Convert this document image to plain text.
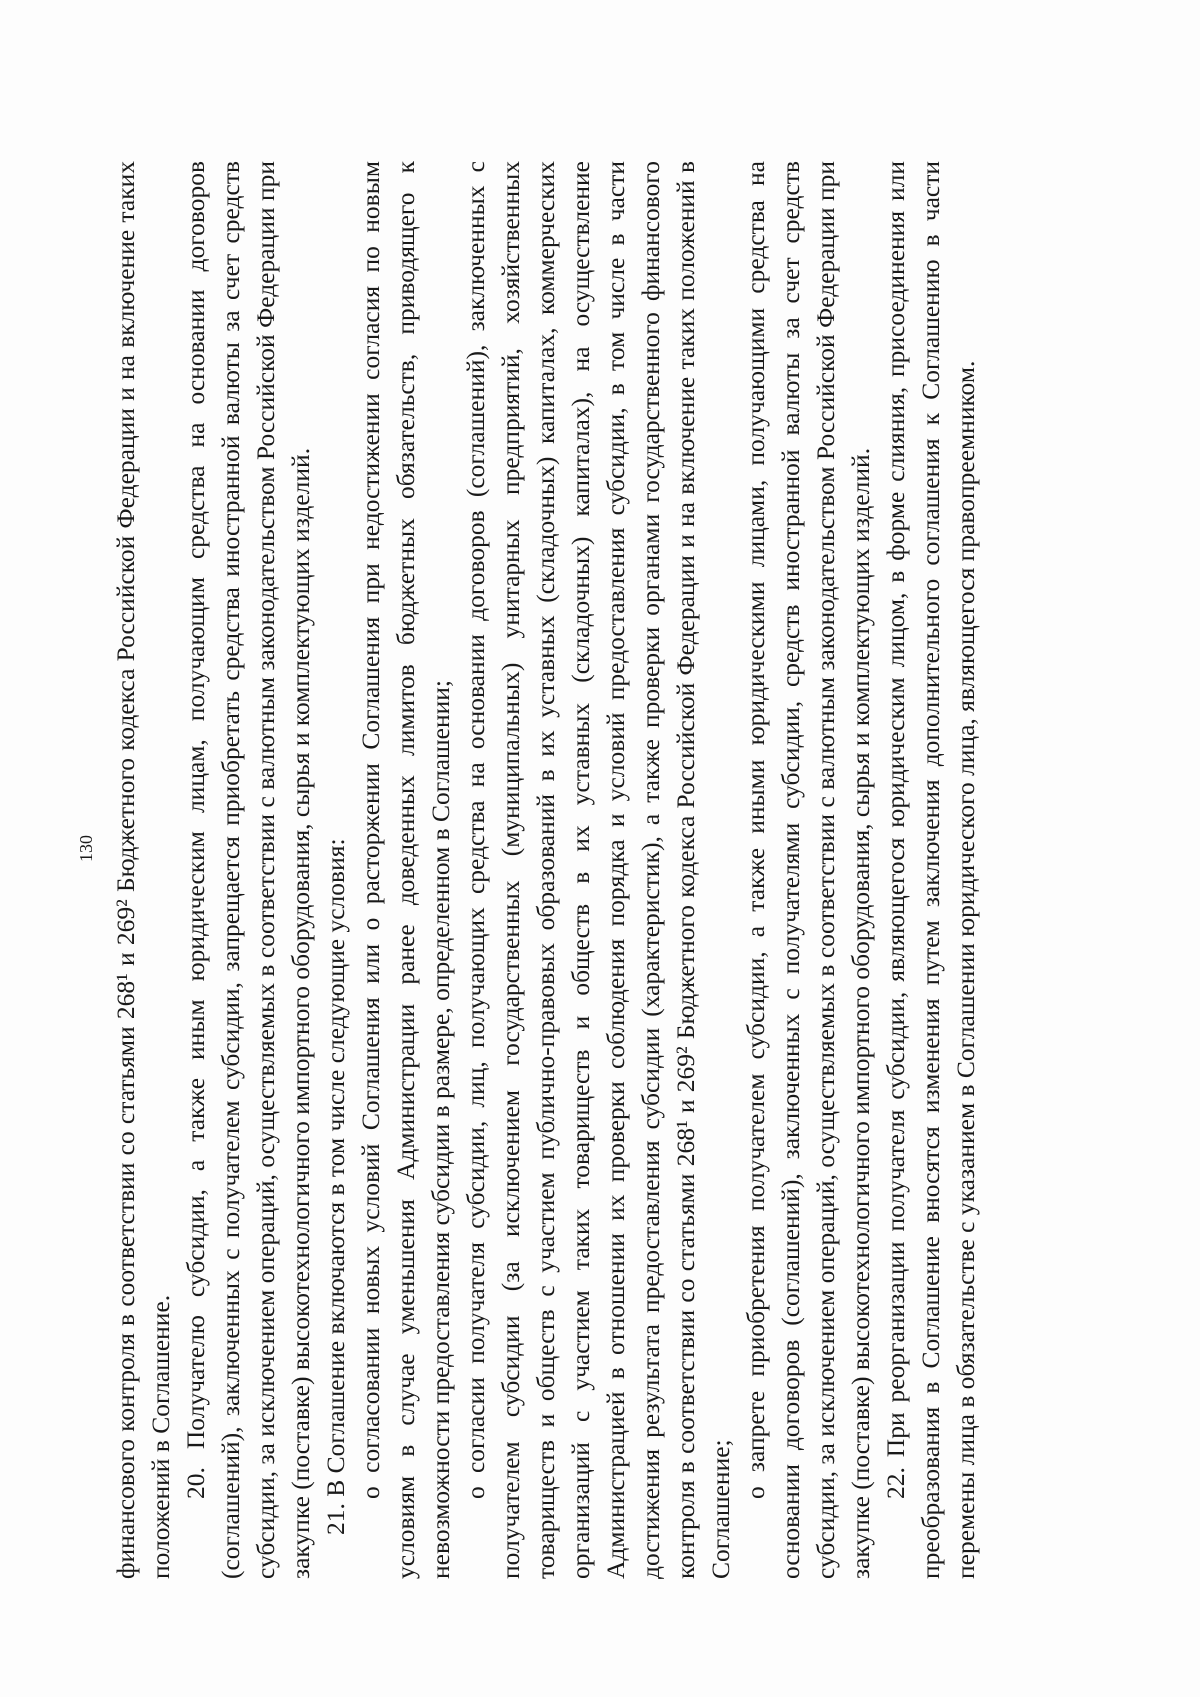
130 финансового контроля в соответствии со статьями 268¹ и 269² Бюджетного кодекса Российской Федерации и на включение таких положений в Соглашение. 20. Получателю субсидии, а также иным юридическим лицам, получающим средства на основании договоров (соглашений), заключенных с получателем субсидии, запрещается приобретать средства иностранной валюты за счет средств субсидии, за исключением операций, осуществляемых в соответствии с валютным законодательством Российской Федерации при закупке (поставке) высокотехнологичного импортного оборудования, сырья и комплектующих изделий. 21. В Соглашение включаются в том числе следующие условия: о согласовании новых условий Соглашения или о расторжении Соглашения при недостижении согласия по новым условиям в случае уменьшения Администрации ранее доведенных лимитов бюджетных обязательств, приводящего к невозможности предоставления субсидии в размере, определенном в Соглашении; о согласии получателя субсидии, лиц, получающих средства на основании договоров (соглашений), заключенных с получателем субсидии (за исключением государственных (муниципальных) унитарных предприятий, хозяйственных товариществ и обществ с участием публично-правовых образований в их уставных (складочных) капиталах, коммерческих организаций с участием таких товариществ и обществ в их уставных (складочных) капиталах), на осуществление Администрацией в отношении их проверки соблюдения порядка и условий предоставления субсидии, в том числе в части достижения результата предоставления субсидии (характеристик), а также проверки органами государственного финансового контроля в соответствии со статьями 268¹ и 269² Бюджетного кодекса Российской Федерации и на включение таких положений в Соглашение;

о запрете приобретения получателем субсидии, а также иными юридическими лицами, получающими средства на основании договоров (соглашений), заключенных с получателями субсидии, средств иностранной валюты за счет средств субсидии, за исключением операций, осуществляемых в соответствии с валютным законодательством Российской Федерации при закупке (поставке) высокотехнологичного импортного оборудования, сырья и комплектующих изделий. 22. При реорганизации получателя субсидии, являющегося юридическим лицом, в форме слияния, присоединения или преобразования в Соглашение вносятся изменения путем заключения дополнительного соглашения к Соглашению в части перемены лица в обязательстве с указанием в Соглашении юридического лица, являющегося правопреемником.
